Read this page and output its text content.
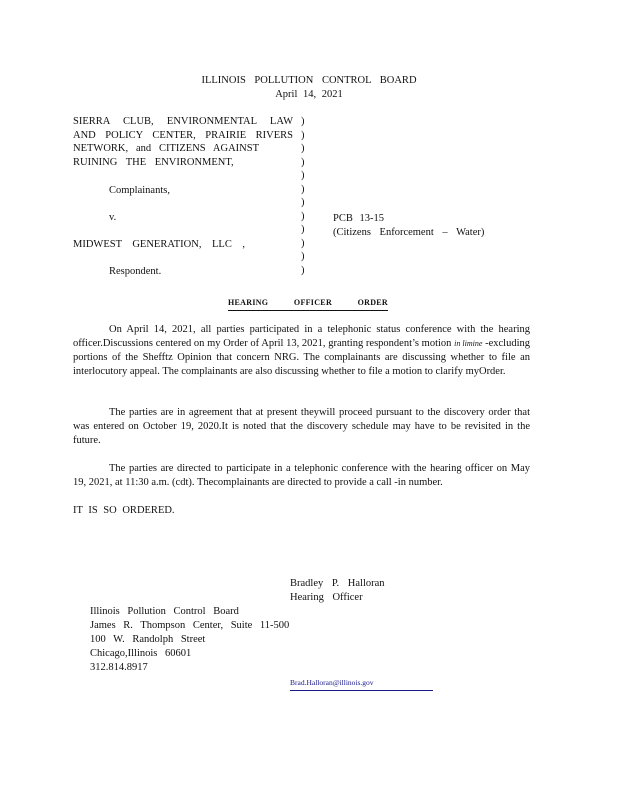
ILLINOIS POLLUTION CONTROL BOARD
April 14, 2021
SIERRA CLUB, ENVIRONMENTAL LAW
AND POLICY CENTER, PRAIRIE RIVERS
NETWORK, and CITIZENS AGAINST
RUINING THE ENVIRONMENT,
Complainants,
v.
MIDWEST GENERATION, LLC ,
Respondent.
)
)
)
)
)
)
)
)
)
)
)
)
PCB 13-15
(Citizens Enforcement – Water)
HEARING OFFICER ORDER
On April 14, 2021, all parties participated in a telephonic status conference with the hearing officer.Discussions centered on my Order of April 13, 2021, granting respondent’s motion in limine -excluding portions of the Shefftz Opinion that concern NRG. The complainants are discussing whether to file an interlocutory appeal. The complainants are also discussing whether to file a motion to clarify myOrder.
The parties are in agreement that at present theywill proceed pursuant to the discovery order that was entered on October 19, 2020.It is noted that the discovery schedule may have to be revisited in the future.
The parties are directed to participate in a telephonic conference with the hearing officer on May 19, 2021, at 11:30 a.m. (cdt). Thecomplainants are directed to provide a call -in number.
IT IS SO ORDERED.
Bradley P. Halloran
Hearing Officer
Illinois Pollution Control Board
James R. Thompson Center, Suite 11-500
100 W. Randolph Street
Chicago,Illinois 60601
312.814.8917
Brad.Halloran@illinois.gov
